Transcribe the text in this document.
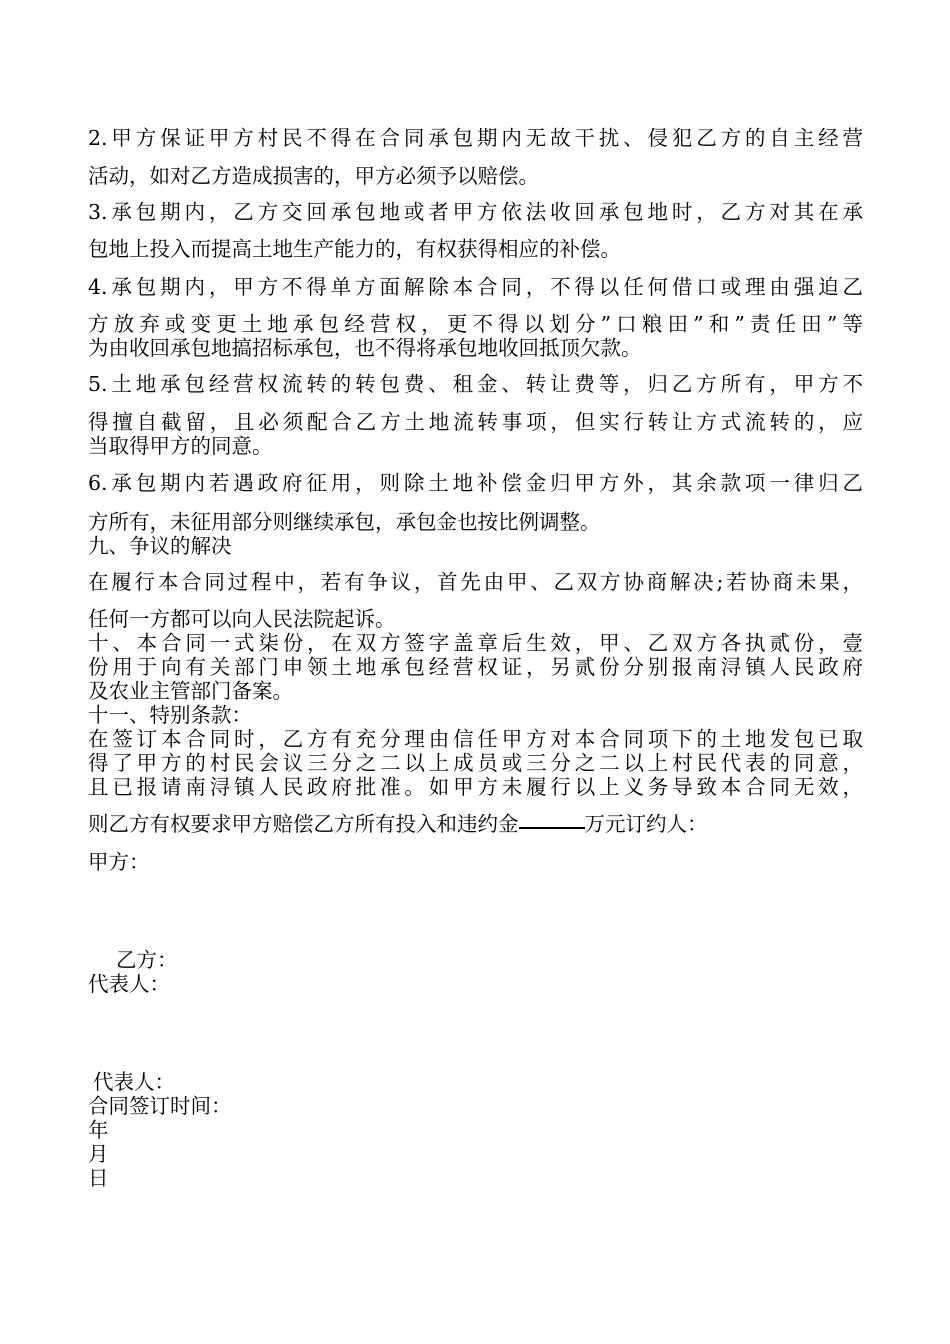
2.甲方保证甲方村民不得在合同承包期内无故干扰、侵犯乙方的自主经营
活动，如对乙方造成损害的，甲方必须予以赔偿。
3.承包期内，乙方交回承包地或者甲方依法收回承包地时，乙方对其在承
包地上投入而提高土地生产能力的，有权获得相应的补偿。
4.承包期内，甲方不得单方面解除本合同，不得以任何借口或理由强迫乙
方放弃或变更土地承包经营权，更不得以划分”口粮田”和”责任田”等
为由收回承包地搞招标承包，也不得将承包地收回抵顶欠款。
5.土地承包经营权流转的转包费、租金、转让费等，归乙方所有，甲方不
得擅自截留，且必须配合乙方土地流转事项，但实行转让方式流转的，应
当取得甲方的同意。
6.承包期内若遇政府征用，则除土地补偿金归甲方外，其余款项一律归乙
方所有，未征用部分则继续承包，承包金也按比例调整。
九、争议的解决
在履行本合同过程中，若有争议，首先由甲、乙双方协商解决;若协商未果，
任何一方都可以向人民法院起诉。
十、本合同一式柒份，在双方签字盖章后生效，甲、乙双方各执贰份，壹
份用于向有关部门申领土地承包经营权证，另贰份分别报南浔镇人民政府
及农业主管部门备案。
十一、特别条款：
在签订本合同时，乙方有充分理由信任甲方对本合同项下的土地发包已取
得了甲方的村民会议三分之二以上成员或三分之二以上村民代表的同意，
且已报请南浔镇人民政府批准。如甲方未履行以上义务导致本合同无效，
则乙方有权要求甲方赔偿乙方所有投入和违约金	万元订约人：
甲方：
乙方：
代表人：
代表人：
合同签订时间：
年
月
日
